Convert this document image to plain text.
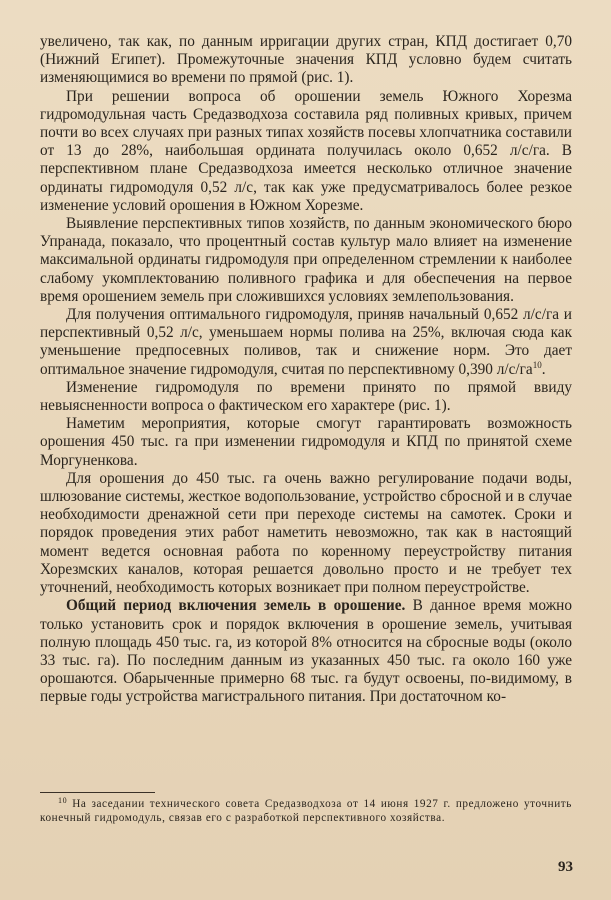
увеличено, так как, по данным ирригации других стран, КПД достигает 0,70 (Нижний Египет). Промежуточные значения КПД условно будем считать изменяющимися во времени по прямой (рис. 1).

При решении вопроса об орошении земель Южного Хорезма гидромодульная часть Средазводхоза составила ряд поливных кривых, причем почти во всех случаях при разных типах хозяйств посевы хлопчатника составили от 13 до 28%, наибольшая ордината получилась около 0,652 л/с/га. В перспективном плане Средазводхоза имеется несколько отличное значение ординаты гидромодуля 0,52 л/с, так как уже предусматривалось более резкое изменение условий орошения в Южном Хорезме.

Выявление перспективных типов хозяйств, по данным экономического бюро Упранада, показало, что процентный состав культур мало влияет на изменение максимальной ординаты гидромодуля при определенном стремлении к наиболее слабому укомплектованию поливного графика и для обеспечения на первое время орошением земель при сложившихся условиях землепользования.

Для получения оптимального гидромодуля, приняв начальный 0,652 л/с/га и перспективный 0,52 л/с, уменьшаем нормы полива на 25%, включая сюда как уменьшение предпосевных поливов, так и снижение норм. Это дает оптимальное значение гидромодуля, считая по перспективному 0,390 $л/с/га^{10}$.

Изменение гидромодуля по времени принято по прямой ввиду невыясненности вопроса о фактическом его характере (рис. 1).

Наметим мероприятия, которые смогут гарантировать возможность орошения 450 тыс. га при изменении гидромодуля и КПД по принятой схеме Моргуненкова.

Для орошения до 450 тыс. га очень важно регулирование подачи воды, шлюзование системы, жесткое водопользование, устройство сбросной и в случае необходимости дренажной сети при переходе системы на самотек. Сроки и порядок проведения этих работ наметить невозможно, так как в настоящий момент ведется основная работа по коренному переустройству питания Хорезмских каналов, которая решается довольно просто и не требует тех уточнений, необходимость которых возникает при полном переустройстве.

Общий период включения земель в орошение. В данное время можно только установить срок и порядок включения в орошение земель, учитывая полную площадь 450 тыс. га, из которой 8% относится на сбросные воды (около 33 тыс. га). По последним данным из указанных 450 тыс. га около 160 уже орошаются. Обарыченные примерно 68 тыс. га будут освоены, по-видимому, в первые годы устройства магистрального питания. При достаточном ко-

$^{10}$ На заседании технического совета Средазводхоза от 14 июня 1927 г. предложено уточнить конечный гидромодуль, связав его с разработкой перспективного хозяйства.

93
